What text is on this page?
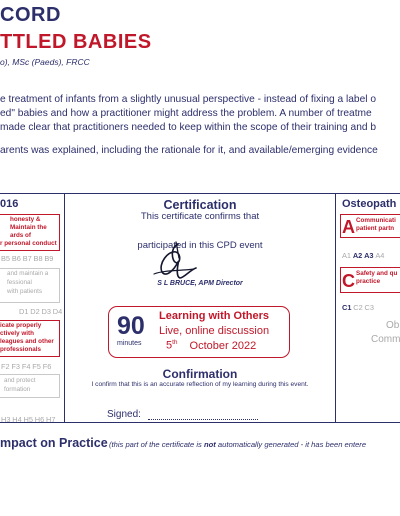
CORD
TTLED BABIES
o), MSc (Paeds), FRCC
e treatment of infants from a slightly unusual perspective - instead of fixing a label o
ed" babies and how a practitioner might address the problem. A number of treatme
made clear that practitioners needed to keep within the scope of their training and b
arents was explained, including the rationale for it, and available/emerging evidence
016
honesty &
Maintain the
ards of
r personal conduct
B5 B6 B7 B8 B9
and maintain a
fessional
with patients
D1 D2 D3 D4
icate properly
ctively with
leagues and other
professionals
F2 F3 F4 F5 F6
and protect
formation
H3 H4 H5 H6 H7
Certification
This certificate confirms that
participated in this CPD event
S L BRUCE, APM Director
90
minutes
Learning with Others
Live, online discussion
5th October 2022
Confirmation
I confirm that this is an accurate reflection of my learning during this event.
Signed:
Osteopath
A Communicati
patient partn
A1 A2 A3 A4
C Safety and qu
practice
C1 C2 C3
Ob
Comm
mpact on Practice (this part of the certificate is not automatically generated - it has been entere
